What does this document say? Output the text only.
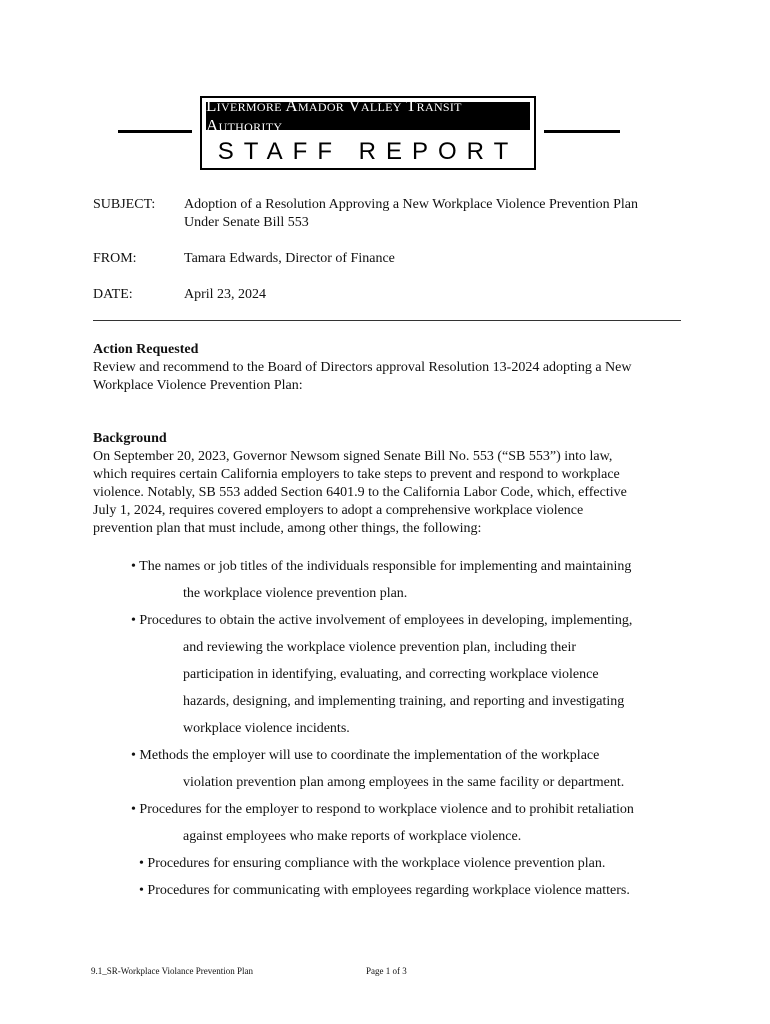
Livermore Amador Valley Transit Authority
STAFF REPORT
SUBJECT:	Adoption of a Resolution Approving a New Workplace Violence Prevention Plan
Under Senate Bill 553
FROM:	Tamara Edwards, Director of Finance
DATE:	April 23, 2024
Action Requested

Review and recommend to the Board of Directors approval Resolution 13-2024 adopting a New

Workplace Violence Prevention Plan:

Background

On September 20, 2023, Governor Newsom signed Senate Bill No. 553 (“SB 553”) into law,

which requires certain California employers to take steps to prevent and respond to workplace

violence. Notably, SB 553 added Section 6401.9 to the California Labor Code, which, effective

July 1, 2024, requires covered employers to adopt a comprehensive workplace violence

prevention plan that must include, among other things, the following:

• The names or job titles of the individuals responsible for implementing and maintaining
the workplace violence prevention plan.
• Procedures to obtain the active involvement of employees in developing, implementing,
and reviewing the workplace violence prevention plan, including their
participation in identifying, evaluating, and correcting workplace violence
hazards, designing, and implementing training, and reporting and investigating
workplace violence incidents.
• Methods the employer will use to coordinate the implementation of the workplace
violation prevention plan among employees in the same facility or department.
• Procedures for the employer to respond to workplace violence and to prohibit retaliation
against employees who make reports of workplace violence.
• Procedures for ensuring compliance with the workplace violence prevention plan.
• Procedures for communicating with employees regarding workplace violence matters.
9.1_SR-Workplace Violance Prevention Plan	Page 1 of 3
